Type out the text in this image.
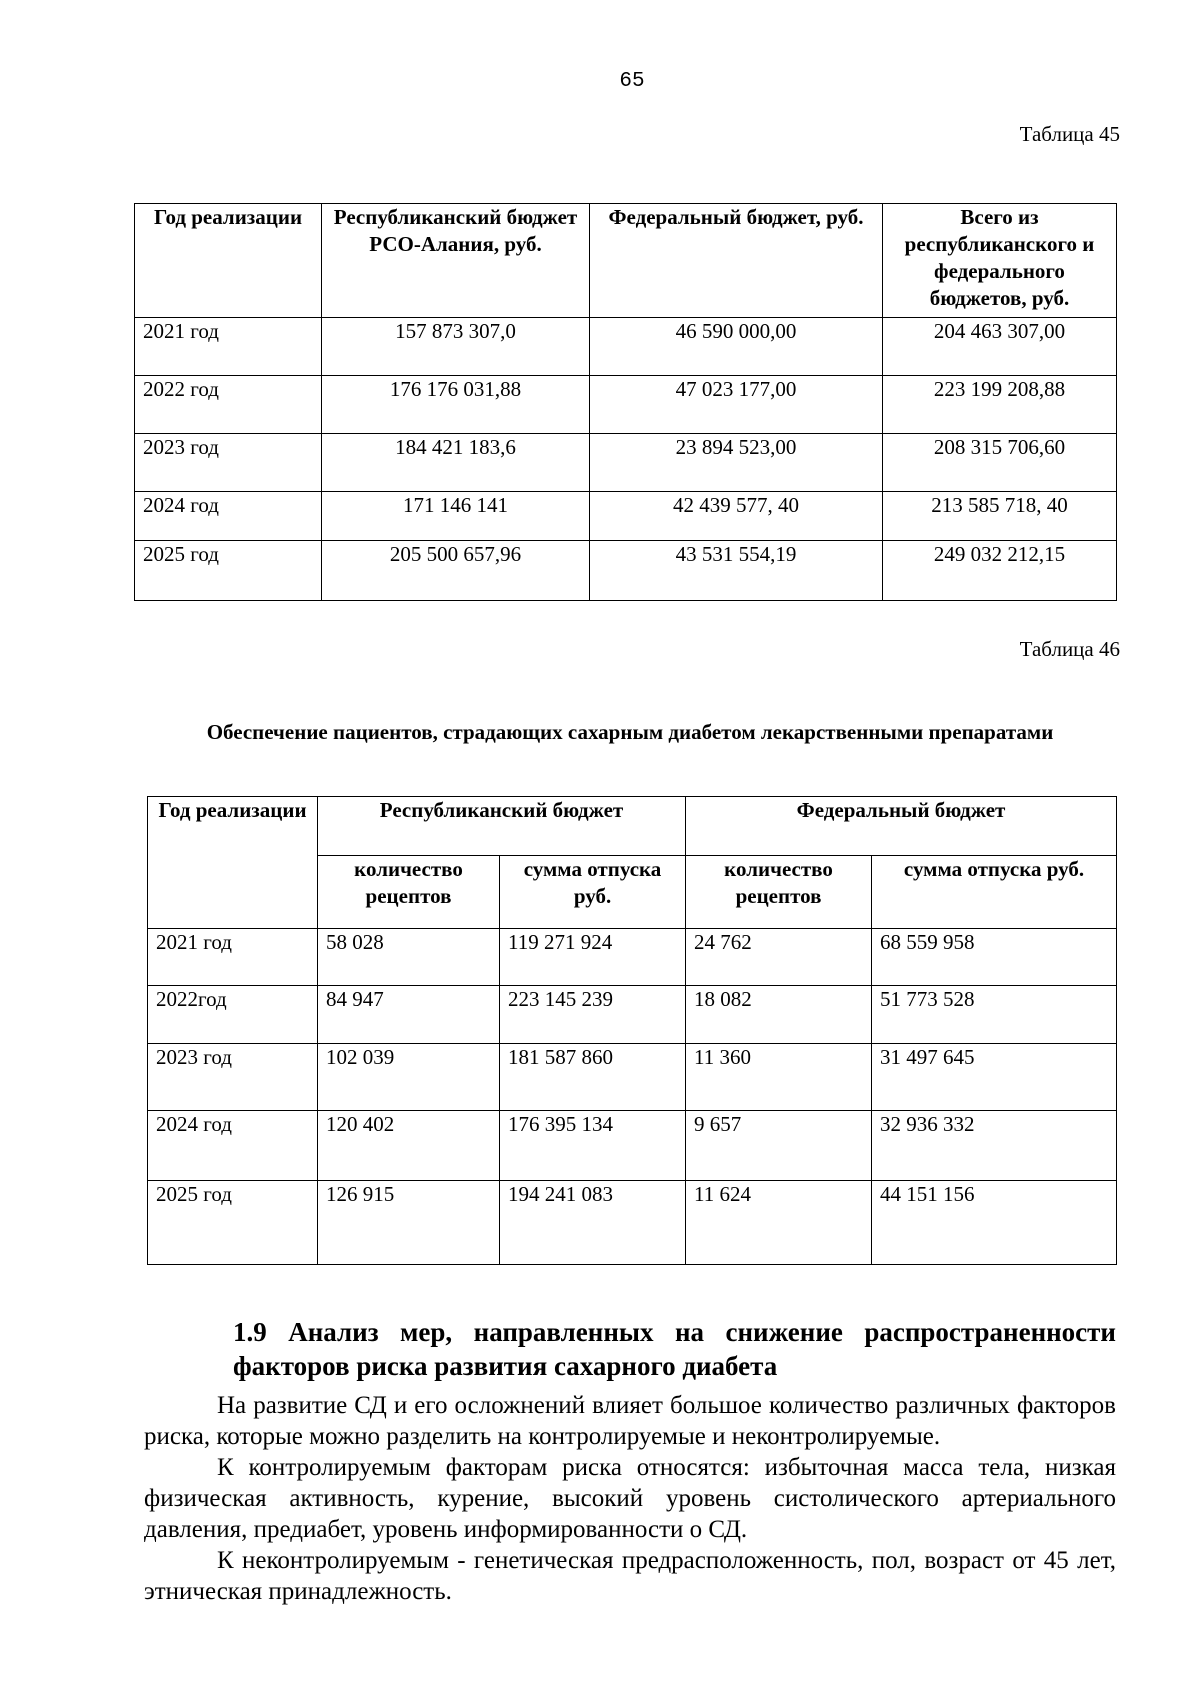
65
Таблица 45
Год реализации	Республиканский бюджет РСО-Алания, руб.	Федеральный бюджет, руб.	Всего из республиканского и федерального бюджетов, руб.
2021 год	157 873 307,0	46 590 000,00	204 463 307,00
2022 год	176 176 031,88	47 023 177,00	223 199 208,88
2023 год	184 421 183,6	23 894 523,00	208 315 706,60
2024 год	171 146 141	42 439 577, 40	213 585 718, 40
2025 год	205 500 657,96	43 531 554,19	249 032 212,15
Таблица 46
Обеспечение пациентов, страдающих сахарным диабетом лекарственными препаратами
Год реализации	Республиканский бюджет		Федеральный бюджет	
	количество рецептов	сумма отпуска руб.	количество рецептов	сумма отпуска руб.
2021 год	58 028	119 271 924	24 762	68 559 958
2022год	84 947	223 145 239	18 082	51 773 528
2023 год	102 039	181 587 860	11 360	31 497 645
2024 год	120 402	176 395 134	9 657	32 936 332
2025 год	126 915	194 241 083	11 624	44 151 156
1.9 Анализ мер, направленных на снижение распространенности факторов риска развития сахарного диабета

На развитие СД и его осложнений влияет большое количество различных факторов риска, которые можно разделить на контролируемые и неконтролируемые.

К контролируемым факторам риска относятся: избыточная масса тела, низкая физическая активность, курение, высокий уровень систолического артериального давления, предиабет, уровень информированности о СД.

К неконтролируемым - генетическая предрасположенность, пол, возраст от 45 лет, этническая принадлежность.
